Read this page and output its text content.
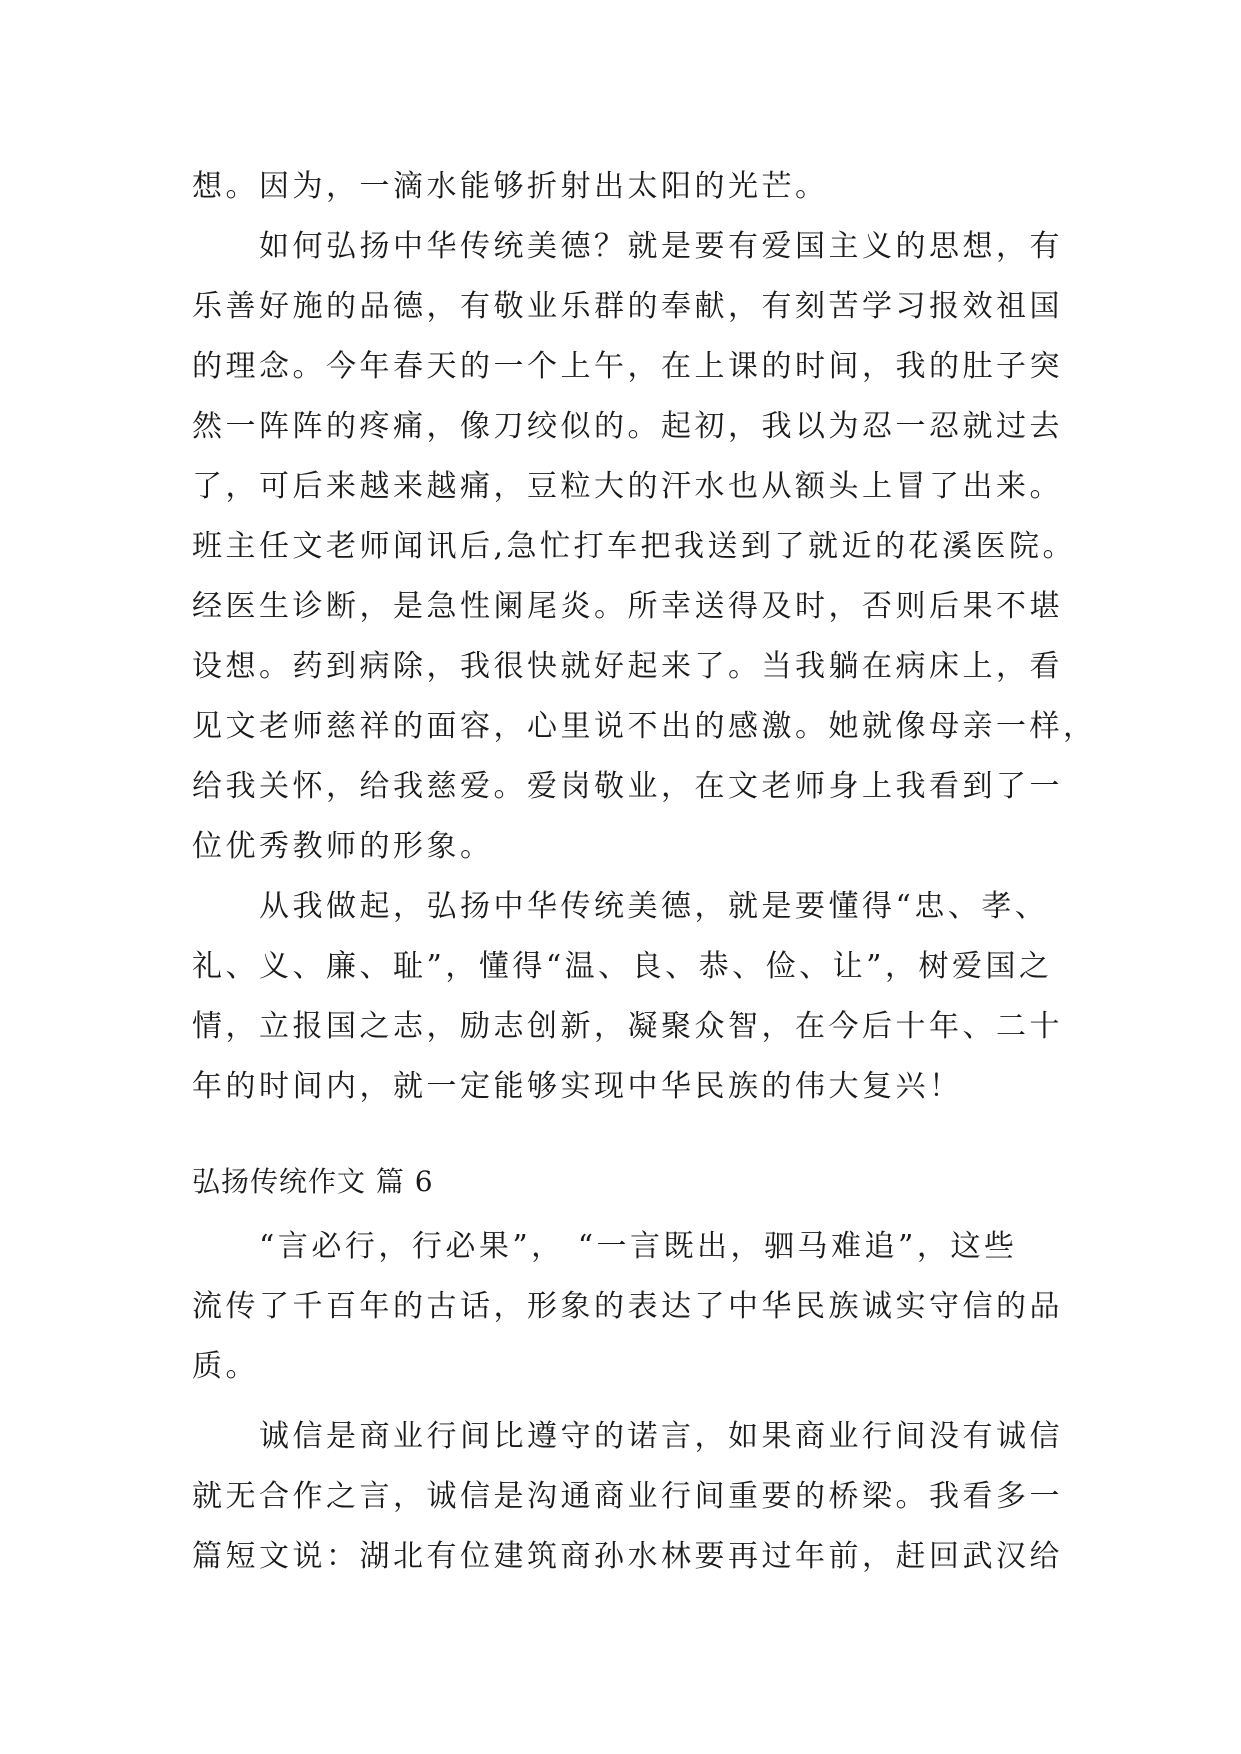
想。因为，一滴水能够折射出太阳的光芒。
　　如何弘扬中华传统美德？就是要有爱国主义的思想，有
乐善好施的品德，有敬业乐群的奉献，有刻苦学习报效祖国
的理念。今年春天的一个上午，在上课的时间，我的肚子突
然一阵阵的疼痛，像刀绞似的。起初，我以为忍一忍就过去
了，可后来越来越痛，豆粒大的汗水也从额头上冒了出来。
班主任文老师闻讯后,急忙打车把我送到了就近的花溪医院。
经医生诊断，是急性阑尾炎。所幸送得及时，否则后果不堪
设想。药到病除，我很快就好起来了。当我躺在病床上，看
见文老师慈祥的面容，心里说不出的感激。她就像母亲一样，
给我关怀，给我慈爱。爱岗敬业，在文老师身上我看到了一
位优秀教师的形象。
　　从我做起，弘扬中华传统美德，就是要懂得“忠、孝、
礼、义、廉、耻”，懂得“温、良、恭、俭、让”，树爱国之
情，立报国之志，励志创新，凝聚众智，在今后十年、二十
年的时间内，就一定能够实现中华民族的伟大复兴！
弘扬传统作文 篇 6
　　“言必行，行必果”， “一言既出，驷马难追”，这些
流传了千百年的古话，形象的表达了中华民族诚实守信的品
质。
　　诚信是商业行间比遵守的诺言，如果商业行间没有诚信
就无合作之言，诚信是沟通商业行间重要的桥梁。我看多一
篇短文说：湖北有位建筑商孙水林要再过年前，赶回武汉给
